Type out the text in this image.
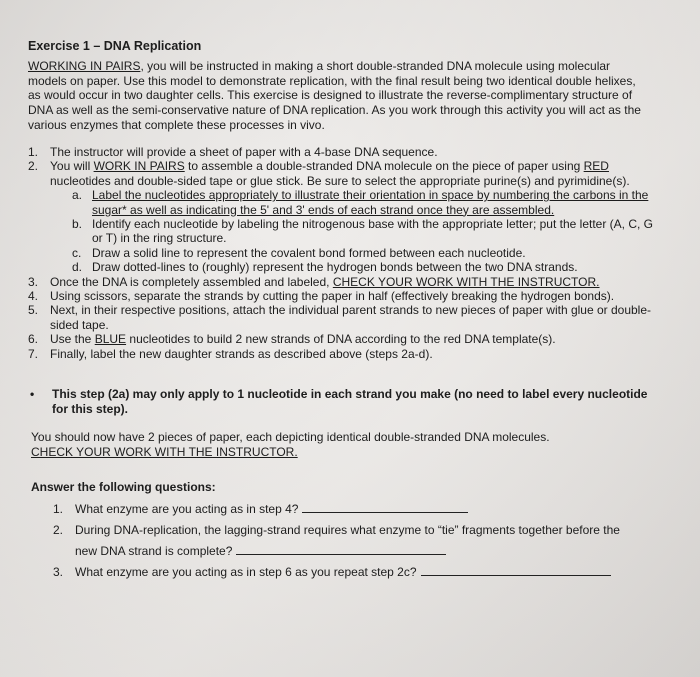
Exercise 1 – DNA Replication
WORKING IN PAIRS, you will be instructed in making a short double-stranded DNA molecule using molecular models on paper. Use this model to demonstrate replication, with the final result being two identical double helixes, as would occur in two daughter cells. This exercise is designed to illustrate the reverse-complimentary structure of DNA as well as the semi-conservative nature of DNA replication. As you work through this activity you will act as the various enzymes that complete these processes in vivo.
1. The instructor will provide a sheet of paper with a 4-base DNA sequence.
2. You will WORK IN PAIRS to assemble a double-stranded DNA molecule on the piece of paper using RED nucleotides and double-sided tape or glue stick. Be sure to select the appropriate purine(s) and pyrimidine(s).
a. Label the nucleotides appropriately to illustrate their orientation in space by numbering the carbons in the sugar* as well as indicating the 5' and 3' ends of each strand once they are assembled.
b. Identify each nucleotide by labeling the nitrogenous base with the appropriate letter; put the letter (A, C, G or T) in the ring structure.
c. Draw a solid line to represent the covalent bond formed between each nucleotide.
d. Draw dotted-lines to (roughly) represent the hydrogen bonds between the two DNA strands.
3. Once the DNA is completely assembled and labeled, CHECK YOUR WORK WITH THE INSTRUCTOR.
4. Using scissors, separate the strands by cutting the paper in half (effectively breaking the hydrogen bonds).
5. Next, in their respective positions, attach the individual parent strands to new pieces of paper with glue or double-sided tape.
6. Use the BLUE nucleotides to build 2 new strands of DNA according to the red DNA template(s).
7. Finally, label the new daughter strands as described above (steps 2a-d).
•	This step (2a) may only apply to 1 nucleotide in each strand you make (no need to label every nucleotide for this step).
You should now have 2 pieces of paper, each depicting identical double-stranded DNA molecules.
CHECK YOUR WORK WITH THE INSTRUCTOR.
Answer the following questions:
1. What enzyme are you acting as in step 4?
2. During DNA-replication, the lagging-strand requires what enzyme to “tie” fragments together before the
new DNA strand is complete?
3. What enzyme are you acting as in step 6 as you repeat step 2c?
